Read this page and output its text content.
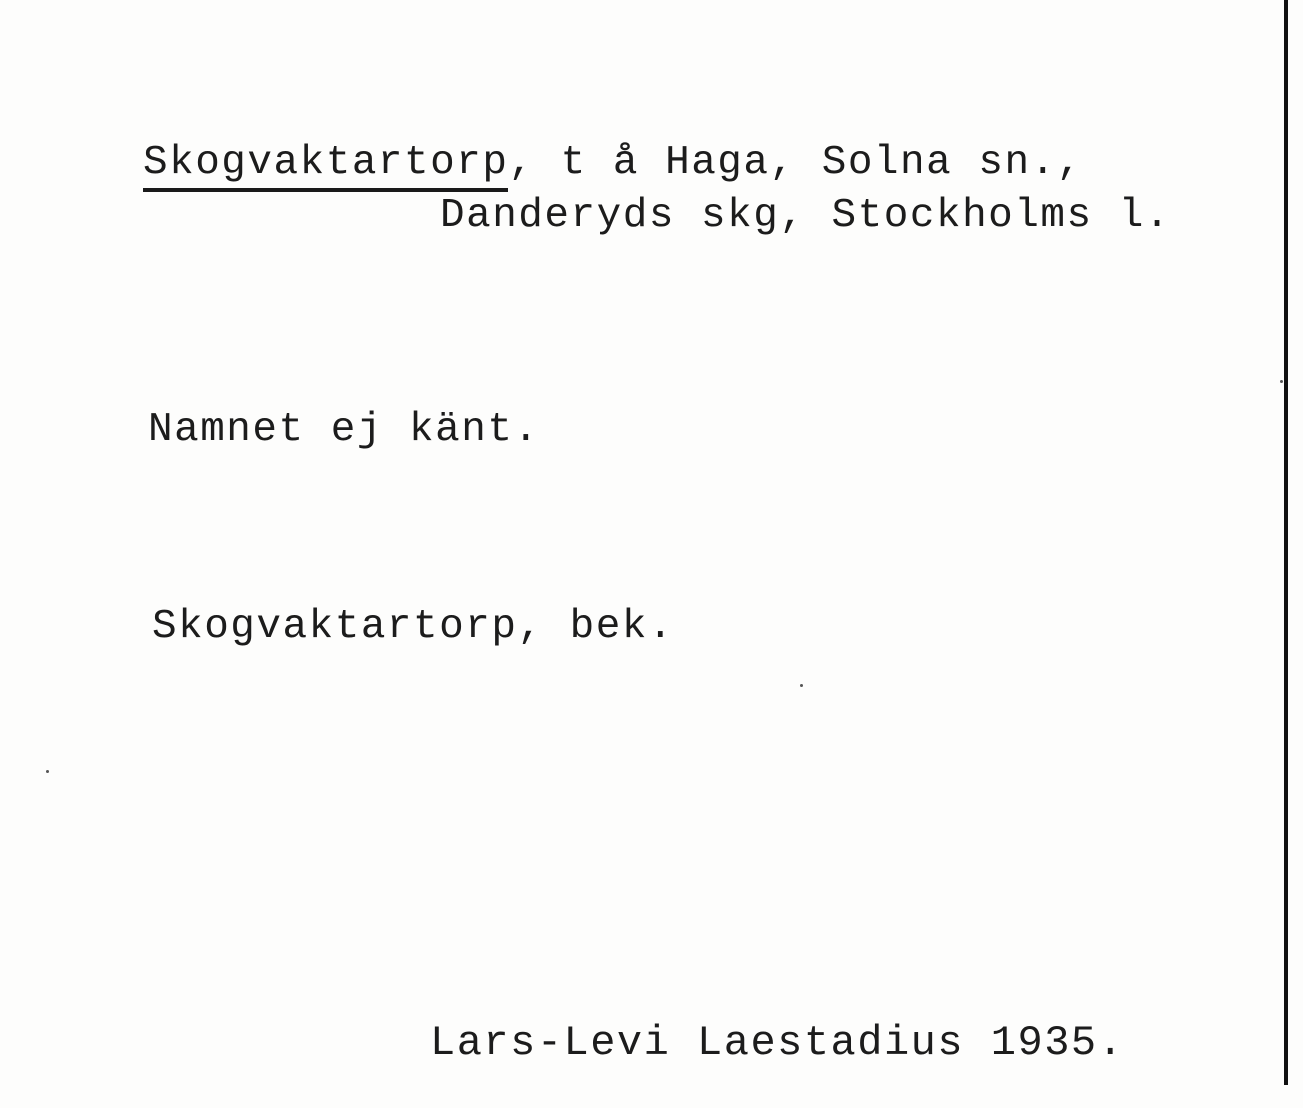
Skogvaktartorp, t å Haga, Solna sn.,
Danderyds skg, Stockholms l.
Namnet ej känt.
Skogvaktartorp, bek.
Lars-Levi Laestadius 1935.
